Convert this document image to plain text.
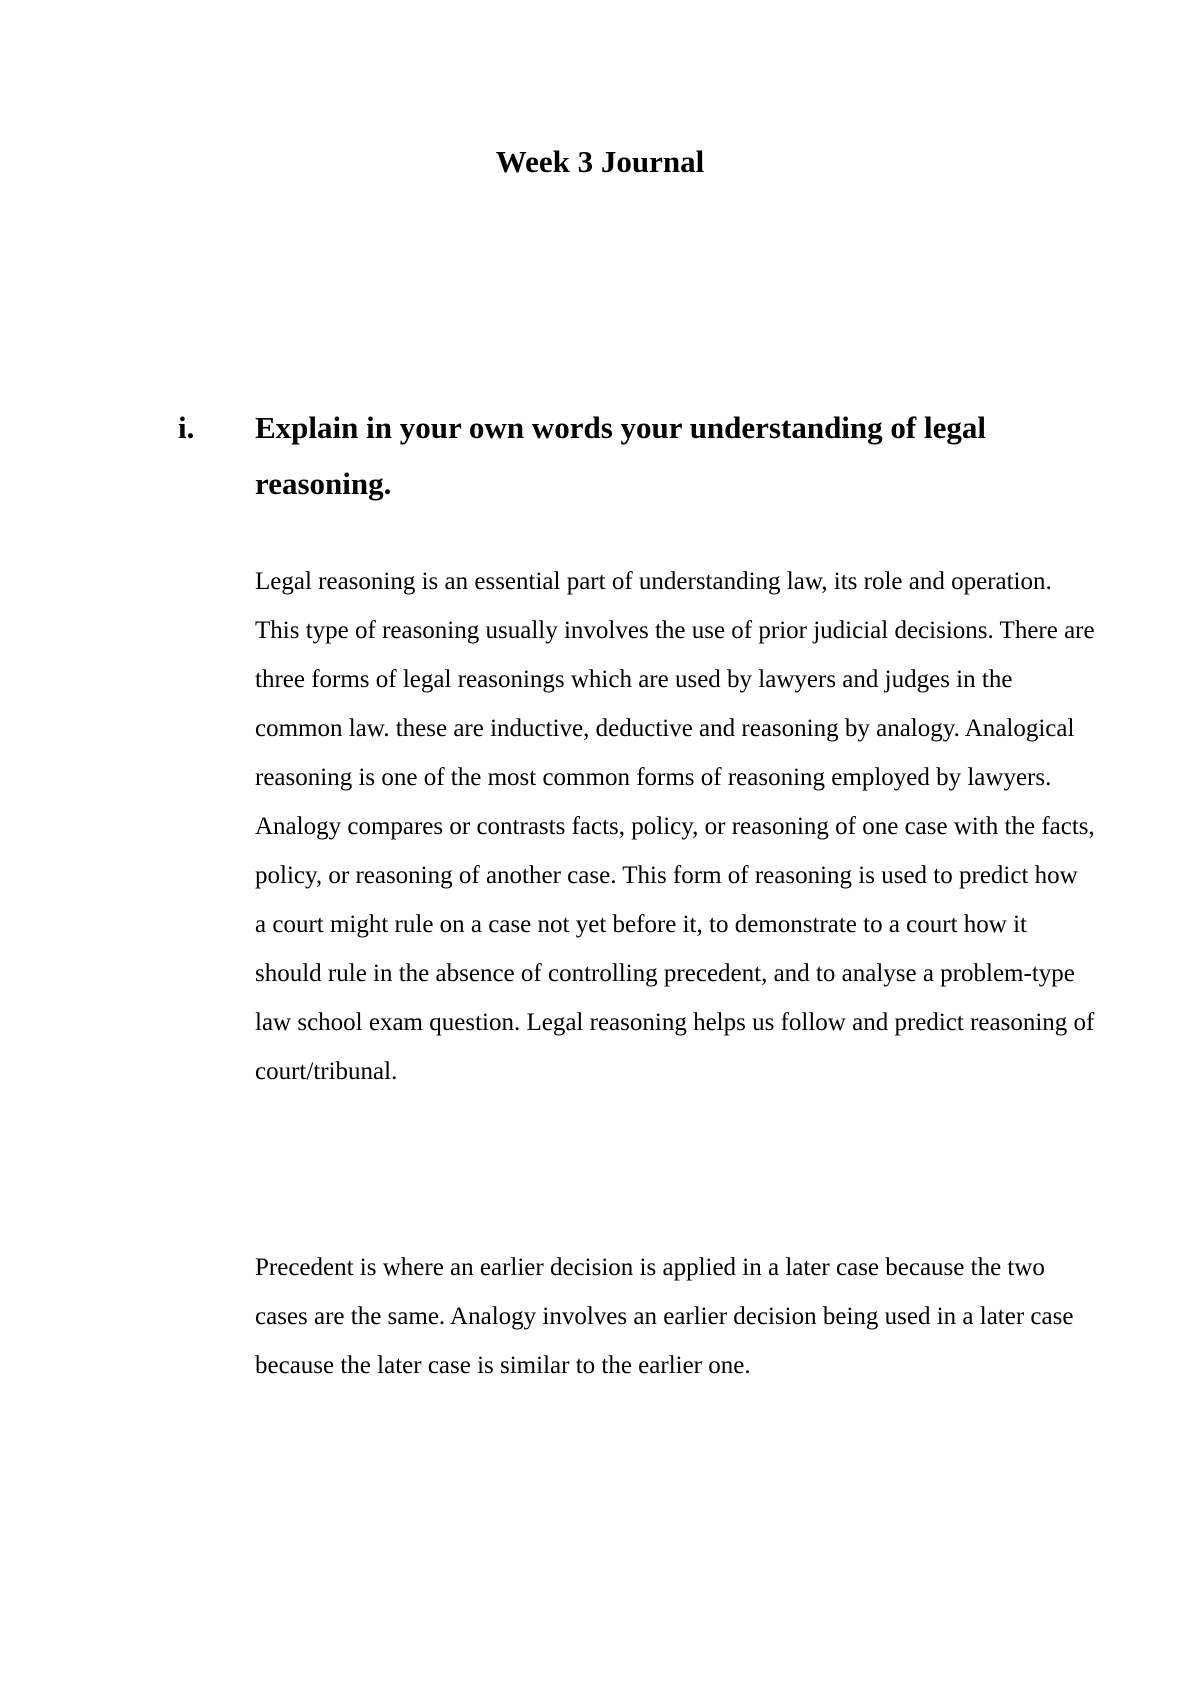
Week 3 Journal
i. Explain in your own words your understanding of legal reasoning.

Legal reasoning is an essential part of understanding law, its role and operation. This type of reasoning usually involves the use of prior judicial decisions. There are three forms of legal reasonings which are used by lawyers and judges in the common law. these are inductive, deductive and reasoning by analogy. Analogical reasoning is one of the most common forms of reasoning employed by lawyers. Analogy compares or contrasts facts, policy, or reasoning of one case with the facts, policy, or reasoning of another case. This form of reasoning is used to predict how a court might rule on a case not yet before it, to demonstrate to a court how it should rule in the absence of controlling precedent, and to analyse a problem-type law school exam question. Legal reasoning helps us follow and predict reasoning of court/tribunal.

Precedent is where an earlier decision is applied in a later case because the two cases are the same. Analogy involves an earlier decision being used in a later case because the later case is similar to the earlier one.
